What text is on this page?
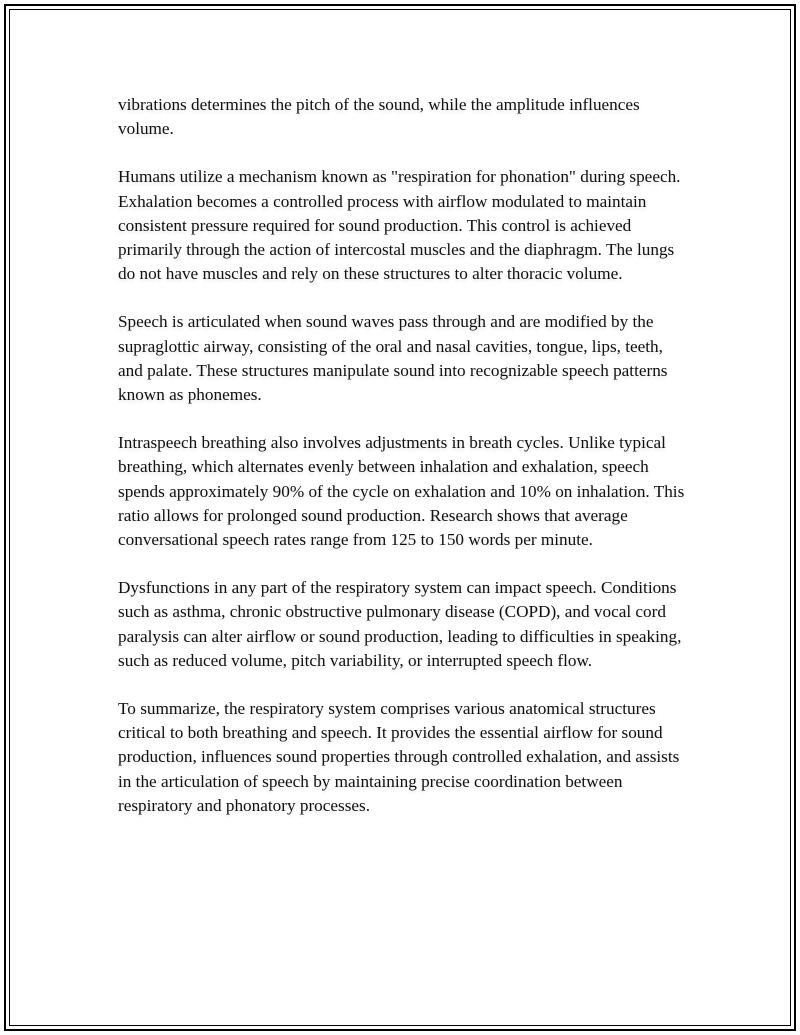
vibrations determines the pitch of the sound, while the amplitude influences volume.

Humans utilize a mechanism known as "respiration for phonation" during speech. Exhalation becomes a controlled process with airflow modulated to maintain consistent pressure required for sound production. This control is achieved primarily through the action of intercostal muscles and the diaphragm. The lungs do not have muscles and rely on these structures to alter thoracic volume.

Speech is articulated when sound waves pass through and are modified by the supraglottic airway, consisting of the oral and nasal cavities, tongue, lips, teeth, and palate. These structures manipulate sound into recognizable speech patterns known as phonemes.

Intraspeech breathing also involves adjustments in breath cycles. Unlike typical breathing, which alternates evenly between inhalation and exhalation, speech spends approximately 90% of the cycle on exhalation and 10% on inhalation. This ratio allows for prolonged sound production. Research shows that average conversational speech rates range from 125 to 150 words per minute.

Dysfunctions in any part of the respiratory system can impact speech. Conditions such as asthma, chronic obstructive pulmonary disease (COPD), and vocal cord paralysis can alter airflow or sound production, leading to difficulties in speaking, such as reduced volume, pitch variability, or interrupted speech flow.

To summarize, the respiratory system comprises various anatomical structures critical to both breathing and speech. It provides the essential airflow for sound production, influences sound properties through controlled exhalation, and assists in the articulation of speech by maintaining precise coordination between respiratory and phonatory processes.
